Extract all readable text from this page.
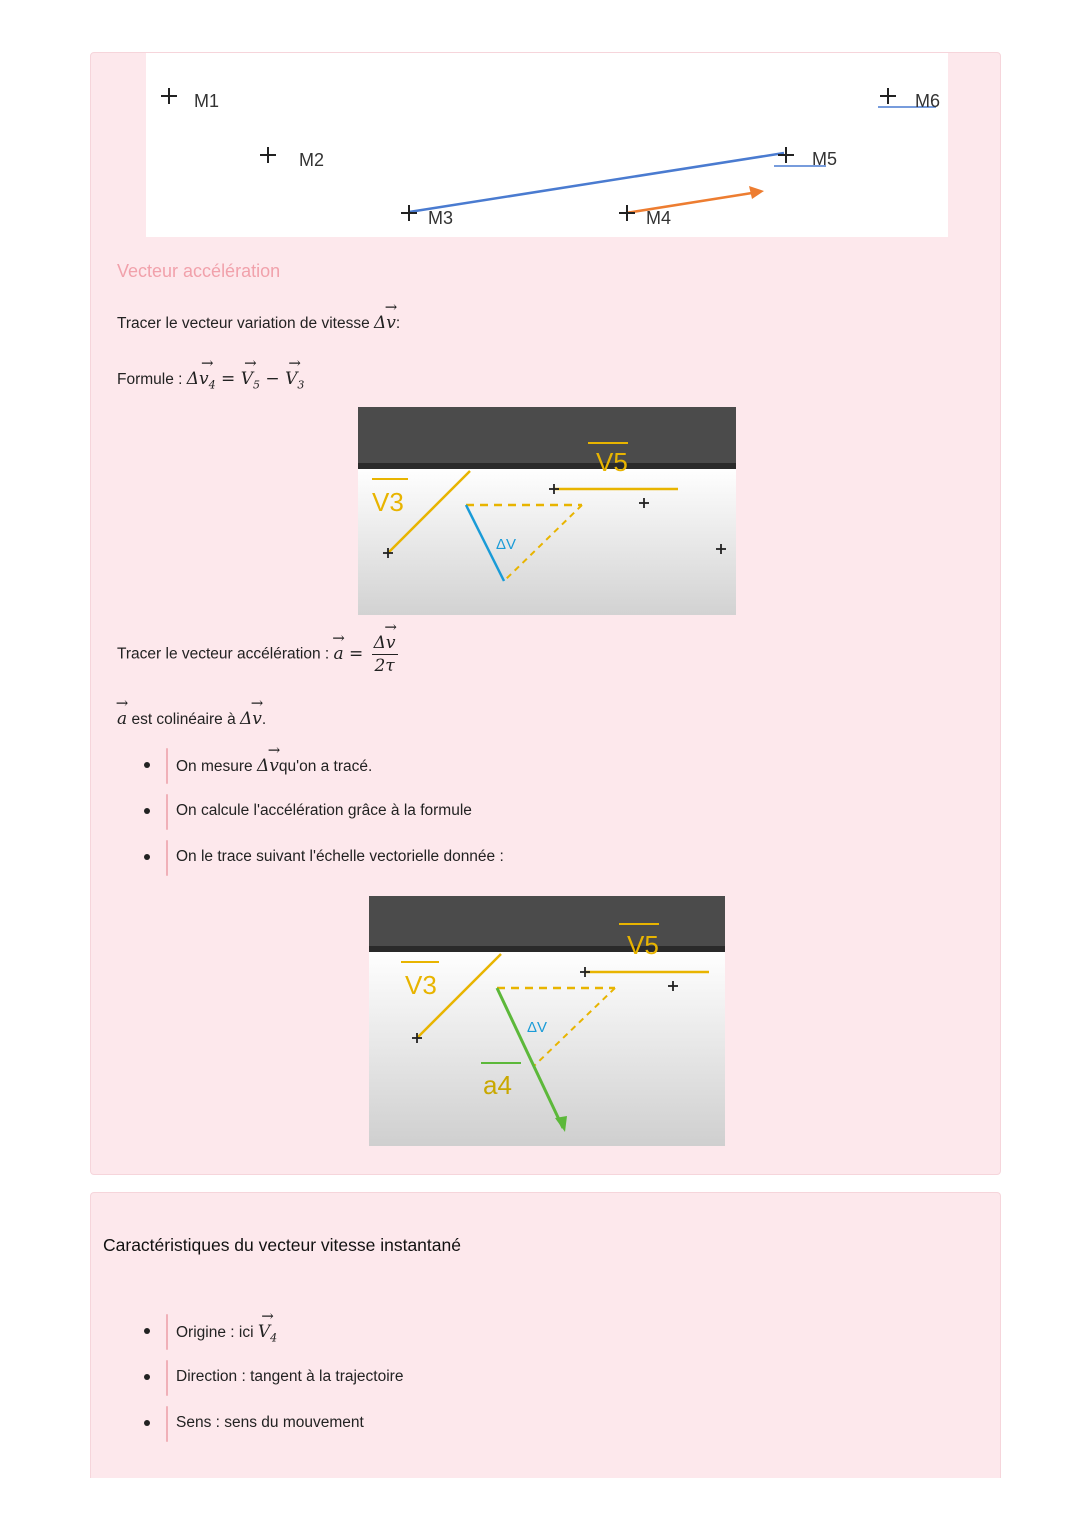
M1
M2
M3	M4
M5
M6
Vecteur accélération
Tracer le vecteur variation de vitesse Δ→ v:
Formule : $\Delta\to v_4$ = → $V_5$ − → $V_3$
V3
V5
ΔV
Tracer le vecteur accélération : → $a = \frac{\Delta\to v}{2\tau}$
→ a est colinéaire à Δ→ v.
On mesure Δ→ vqu'on a tracé.
On calcule l'accélération grâce à la formule
On le trace suivant l'échelle vectorielle donnée :
V3
V5
a4
ΔV
Caractéristiques du vecteur vitesse instantané
Origine : ici → $V_4$
Direction : tangent à la trajectoire
Sens : sens du mouvement
